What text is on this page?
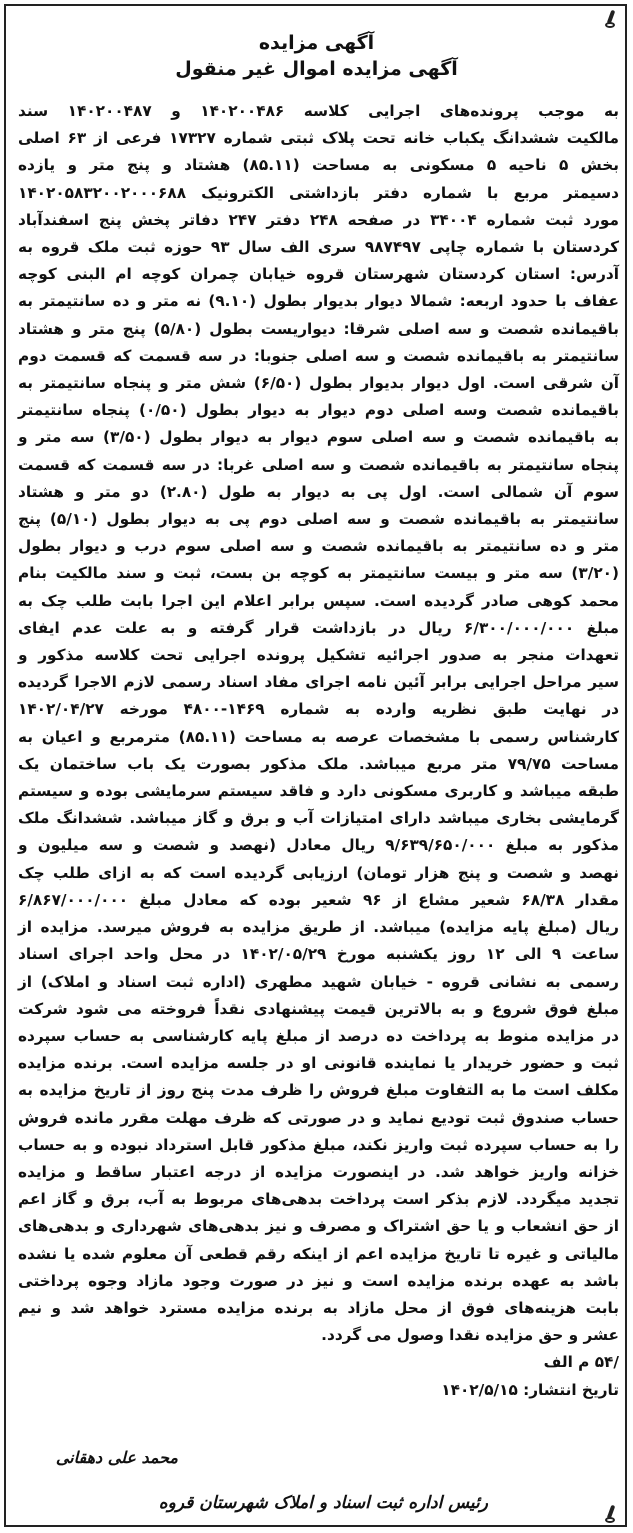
آگهی مزایده
آگهی مزایده اموال غیر منقول

به موجب پرونده‌های اجرایی کلاسه ۱۴۰۲۰۰۴۸۶ و ۱۴۰۲۰۰۴۸۷ سند

مالکیت ششدانگ یکباب خانه تحت پلاک ثبتی شماره ۱۷۳۲۷ فرعی از ۶۳ اصلی

بخش ۵ ناحیه ۵ مسکونی به مساحت (۸۵.۱۱) هشتاد و پنج متر و یازده

دسیمتر مربع با شماره دفتر بازداشتی الکترونیک ۱۴۰۲۰۵۸۳۲۰۰۲۰۰۰۶۸۸

مورد ثبت شماره ۳۴۰۰۴ در صفحه ۲۴۸ دفتر ۲۴۷ دفاتر پخش پنج اسفندآباد

کردستان با شماره چاپی ۹۸۷۴۹۷ سری الف سال ۹۳ حوزه ثبت ملک قروه به

آدرس: استان کردستان شهرستان قروه خیابان چمران کوچه ام البنی کوچه

عفاف با حدود اربعه: شمالا دیوار بدیوار بطول (۹.۱۰) نه متر و ده سانتیمتر به

باقیمانده شصت و سه اصلی شرقا: دیواریست بطول (۵/۸۰) پنج متر و هشتاد

سانتیمتر به باقیمانده شصت و سه اصلی جنوبا: در سه قسمت که قسمت دوم

آن شرقی است. اول دیوار بدیوار بطول (۶/۵۰) شش متر و پنجاه سانتیمتر به

باقیمانده شصت وسه اصلی دوم دیوار به دیوار بطول (۰/۵۰) پنجاه سانتیمتر

به باقیمانده شصت و سه اصلی سوم دیوار به دیوار بطول (۳/۵۰) سه متر و

پنجاه سانتیمتر به باقیمانده شصت و سه اصلی غربا: در سه قسمت که قسمت

سوم آن شمالی است. اول پی به دیوار به طول (۲.۸۰) دو متر و هشتاد

سانتیمتر به باقیمانده شصت و سه اصلی دوم پی به دیوار بطول (۵/۱۰) پنج

متر و ده سانتیمتر به باقیمانده شصت و سه اصلی سوم درب و دیوار بطول

(۳/۲۰) سه متر و بیست سانتیمتر به کوچه بن بست، ثبت و سند مالکیت بنام

محمد کوهی صادر گردیده است. سپس برابر اعلام این اجرا بابت طلب چک به

مبلغ ۶/۳۰۰/۰۰۰/۰۰۰ ریال در بازداشت قرار گرفته و به علت عدم ایفای

تعهدات منجر به صدور اجرائیه تشکیل پرونده اجرایی تحت کلاسه مذکور و

سیر مراحل اجرایی برابر آئین نامه اجرای مفاد اسناد رسمی لازم الاجرا گردیده

در نهایت طبق نظریه وارده به شماره ۱۴۶۹-۴۸۰۰ مورخه ۱۴۰۲/۰۴/۲۷

کارشناس رسمی با مشخصات عرصه به مساحت (۸۵.۱۱) مترمربع و اعیان به

مساحت ۷۹/۷۵ متر مربع میباشد. ملک مذکور بصورت یک باب ساختمان یک

طبقه میباشد و کاربری مسکونی دارد و فاقد سیستم سرمایشی بوده و سیستم

گرمایشی بخاری میباشد دارای امتیازات آب و برق و گاز میباشد. ششدانگ ملک

مذکور به مبلغ ۹/۶۳۹/۶۵۰/۰۰۰ ریال معادل (نهصد و شصت و سه میلیون و

نهصد و شصت و پنج هزار تومان) ارزیابی گردیده است که به ازای طلب چک

مقدار ۶۸/۳۸ شعیر مشاع از ۹۶ شعیر بوده که معادل مبلغ ۶/۸۶۷/۰۰۰/۰۰۰

ریال (مبلغ پایه مزایده) میباشد. از طریق مزایده به فروش میرسد. مزایده از

ساعت ۹ الی ۱۲ روز یکشنبه مورخ ۱۴۰۲/۰۵/۲۹ در محل واحد اجرای اسناد

رسمی به نشانی قروه - خیابان شهید مطهری (اداره ثبت اسناد و املاک) از

مبلغ فوق شروع و به بالاترین قیمت پیشنهادی نقداً فروخته می شود شرکت

در مزایده منوط به پرداخت ده درصد از مبلغ پایه کارشناسی به حساب سپرده

ثبت و حضور خریدار یا نماینده قانونی او در جلسه مزایده است. برنده مزایده

مکلف است ما به التفاوت مبلغ فروش را ظرف مدت پنج روز از تاریخ مزایده به

حساب صندوق ثبت تودیع نماید و در صورتی که ظرف مهلت مقرر مانده فروش

را به حساب سپرده ثبت واریز نکند، مبلغ مذکور قابل استرداد نبوده و به حساب

خزانه واریز خواهد شد. در اینصورت مزایده از درجه اعتبار ساقط و مزایده

تجدید میگردد. لازم بذکر است پرداخت بدهی‌های مربوط به آب، برق و گاز اعم

از حق انشعاب و یا حق اشتراک و مصرف و نیز بدهی‌های شهرداری و بدهی‌های

مالیاتی و غیره تا تاریخ مزایده اعم از اینکه رقم قطعی آن معلوم شده یا نشده

باشد به عهده برنده مزایده است و نیز در صورت وجود مازاد وجوه پرداختی

بابت هزینه‌های فوق از محل مازاد به برنده مزایده مسترد خواهد شد و نیم

عشر و حق مزایده نقدا وصول می گردد.

/۵۴ م الف

تاریخ انتشار: ۱۴۰۲/۵/۱۵

محمد علی دهقانی
رئیس اداره ثبت اسناد و املاک شهرستان قروه
